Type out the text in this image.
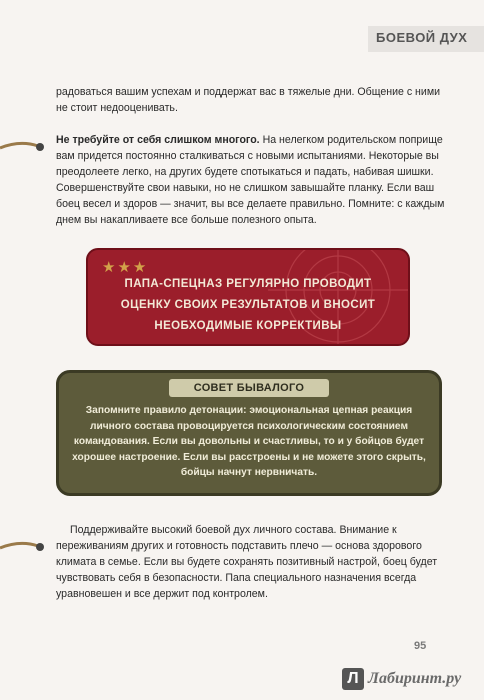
БОЕВОЙ ДУХ
радоваться вашим успехам и поддержат вас в тяжелые дни. Общение с ними не стоит недооценивать.
Не требуйте от себя слишком многого. На нелегком родительском поприще вам придется постоянно сталкиваться с новыми испытаниями. Некоторые вы преодолеете легко, на других будете спотыкаться и падать, набивая шишки. Совершенствуйте свои навыки, но не слишком завышайте планку. Если ваш боец весел и здоров — значит, вы все делаете правильно. Помните: с каждым днем вы накапливаете все больше полезного опыта.
★★★
ПАПА-СПЕЦНАЗ РЕГУЛЯРНО ПРОВОДИТ
ОЦЕНКУ СВОИХ РЕЗУЛЬТАТОВ И ВНОСИТ
НЕОБХОДИМЫЕ КОРРЕКТИВЫ
СОВЕТ БЫВАЛОГО
Запомните правило детонации: эмоциональная цепная реакция личного состава провоцируется психологическим состоянием командования. Если вы довольны и счастливы, то и у бойцов будет хорошее настроение. Если вы расстроены и не можете этого скрыть, бойцы начнут нервничать.
Поддерживайте высокий боевой дух личного состава. Внимание к переживаниям других и готовность подставить плечо — основа здорового климата в семье. Если вы будете сохранять позитивный настрой, боец будет чувствовать себя в безопасности. Папа специального назначения всегда уравновешен и все держит под контролем.
95
Л Лабиринт.ру
